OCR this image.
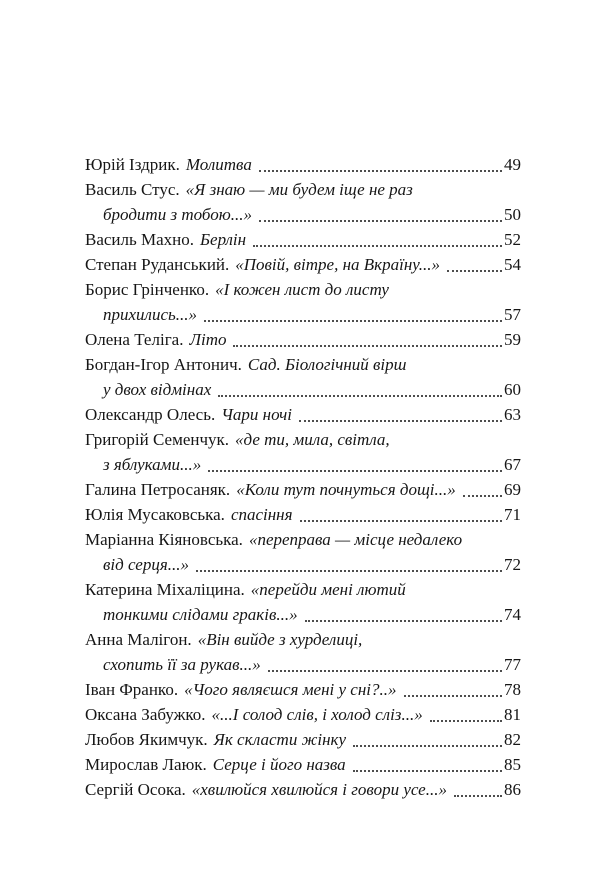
Юрій Іздрик. Молитва	49
Василь Стус. «Я знаю — ми будем іще не раз
бродити з тобою...»	50
Василь Махно. Берлін	52
Степан Руданський. «Повій, вітре, на Вкраїну...»	54
Борис Грінченко. «І кожен лист до листу
прихились...»	57
Олена Теліга. Літо	59
Богдан-Ігор Антонич. Сад. Біологічний вірш
у двох відмінах	60
Олександр Олесь. Чари ночі	63
Григорій Семенчук. «де ти, мила, світла,
з яблуками...»	67
Галина Петросаняк. «Коли тут почнуться дощі...»	69
Юлія Мусаковська. спасіння	71
Маріанна Кіяновська. «переправа — місце недалеко
від серця...»	72
Катерина Міхаліцина. «перейди мені лютий
тонкими слідами граків...»	74
Анна Малігон. «Він вийде з хурделиці,
схопить її за рукав...»	77
Іван Франко. «Чого являєшся мені у сні?..»	78
Оксана Забужко. «...І солод слів, і холод сліз...»	81
Любов Якимчук. Як скласти жінку	82
Мирослав Лаюк. Серце і його назва	85
Сергій Осока. «хвилюйся хвилюйся і говори усе...»	86
